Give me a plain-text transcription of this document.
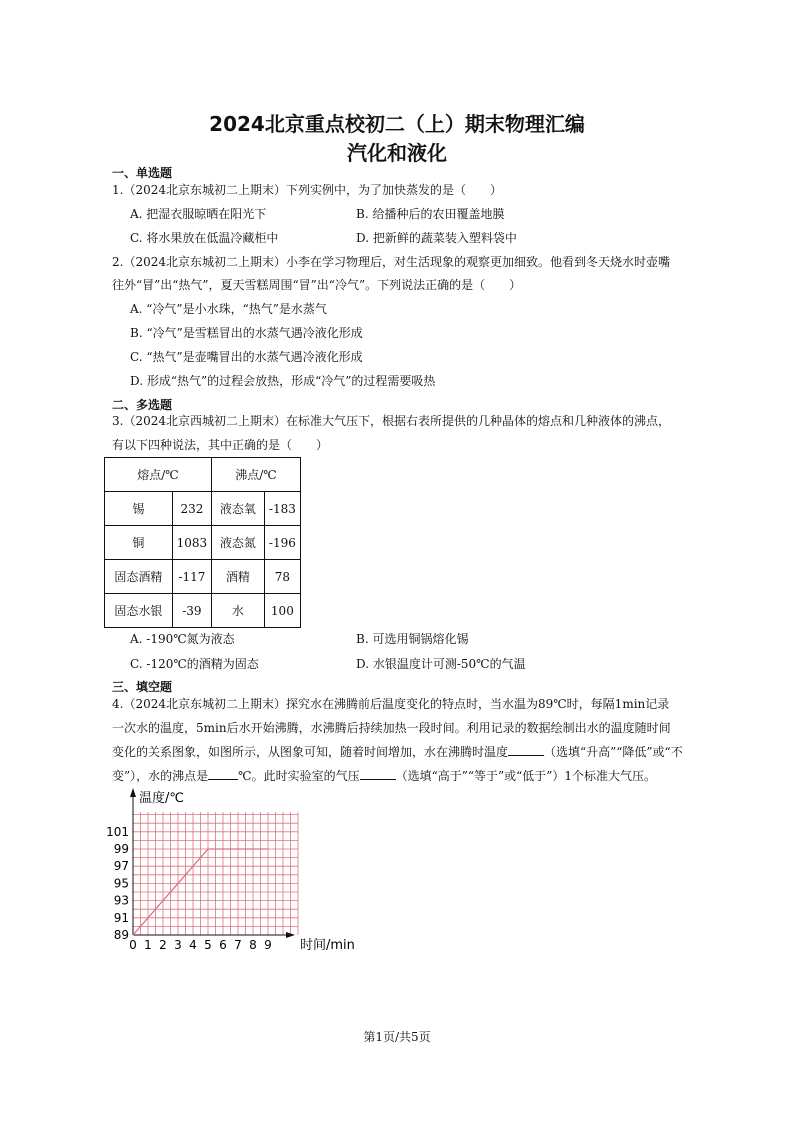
2024北京重点校初二（上）期末物理汇编
汽化和液化
一、单选题
1.（2024北京东城初二上期末）下列实例中，为了加快蒸发的是（　　）
A. 把湿衣服晾晒在阳光下	B. 给播种后的农田覆盖地膜
C. 将水果放在低温冷藏柜中	D. 把新鲜的蔬菜装入塑料袋中
2.（2024北京东城初二上期末）小李在学习物理后，对生活现象的观察更加细致。他看到冬天烧水时壶嘴
往外“冒”出“热气”，夏天雪糕周围“冒”出“冷气”。下列说法正确的是（　　）
A. “冷气”是小水珠，“热气”是水蒸气
B. “冷气”是雪糕冒出的水蒸气遇冷液化形成
C. “热气”是壶嘴冒出的水蒸气遇冷液化形成
D. 形成“热气”的过程会放热，形成“冷气”的过程需要吸热
二、多选题
3.（2024北京西城初二上期末）在标准大气压下，根据右表所提供的几种晶体的熔点和几种液体的沸点，
有以下四种说法，其中正确的是（　　）
熔点/℃		沸点/℃	
锡	232	液态氧	-183
铜	1083	液态氮	-196
固态酒精	-117	酒精	78
固态水银	-39	水	100
A. -190℃氮为液态	B. 可选用铜锅熔化锡
C. -120℃的酒精为固态	D. 水银温度计可测-50℃的气温
三、填空题
4.（2024北京东城初二上期末）探究水在沸腾前后温度变化的特点时，当水温为89℃时，每隔1min记录
一次水的温度，5min后水开始沸腾，水沸腾后持续加热一段时间。利用记录的数据绘制出水的温度随时间
变化的关系图象，如图所示，从图象可知，随着时间增加，水在沸腾时温度	（选填“升高”“降低”或“不
变”），水的沸点是	℃。此时实验室的气压	（选填“高于”“等于”或“低于”）1个标准大气压。
0 1 2 3 4 5 6 7 8 9
89
91
93
95
97
99
101
温度/℃
时间/min
第1页/共5页
